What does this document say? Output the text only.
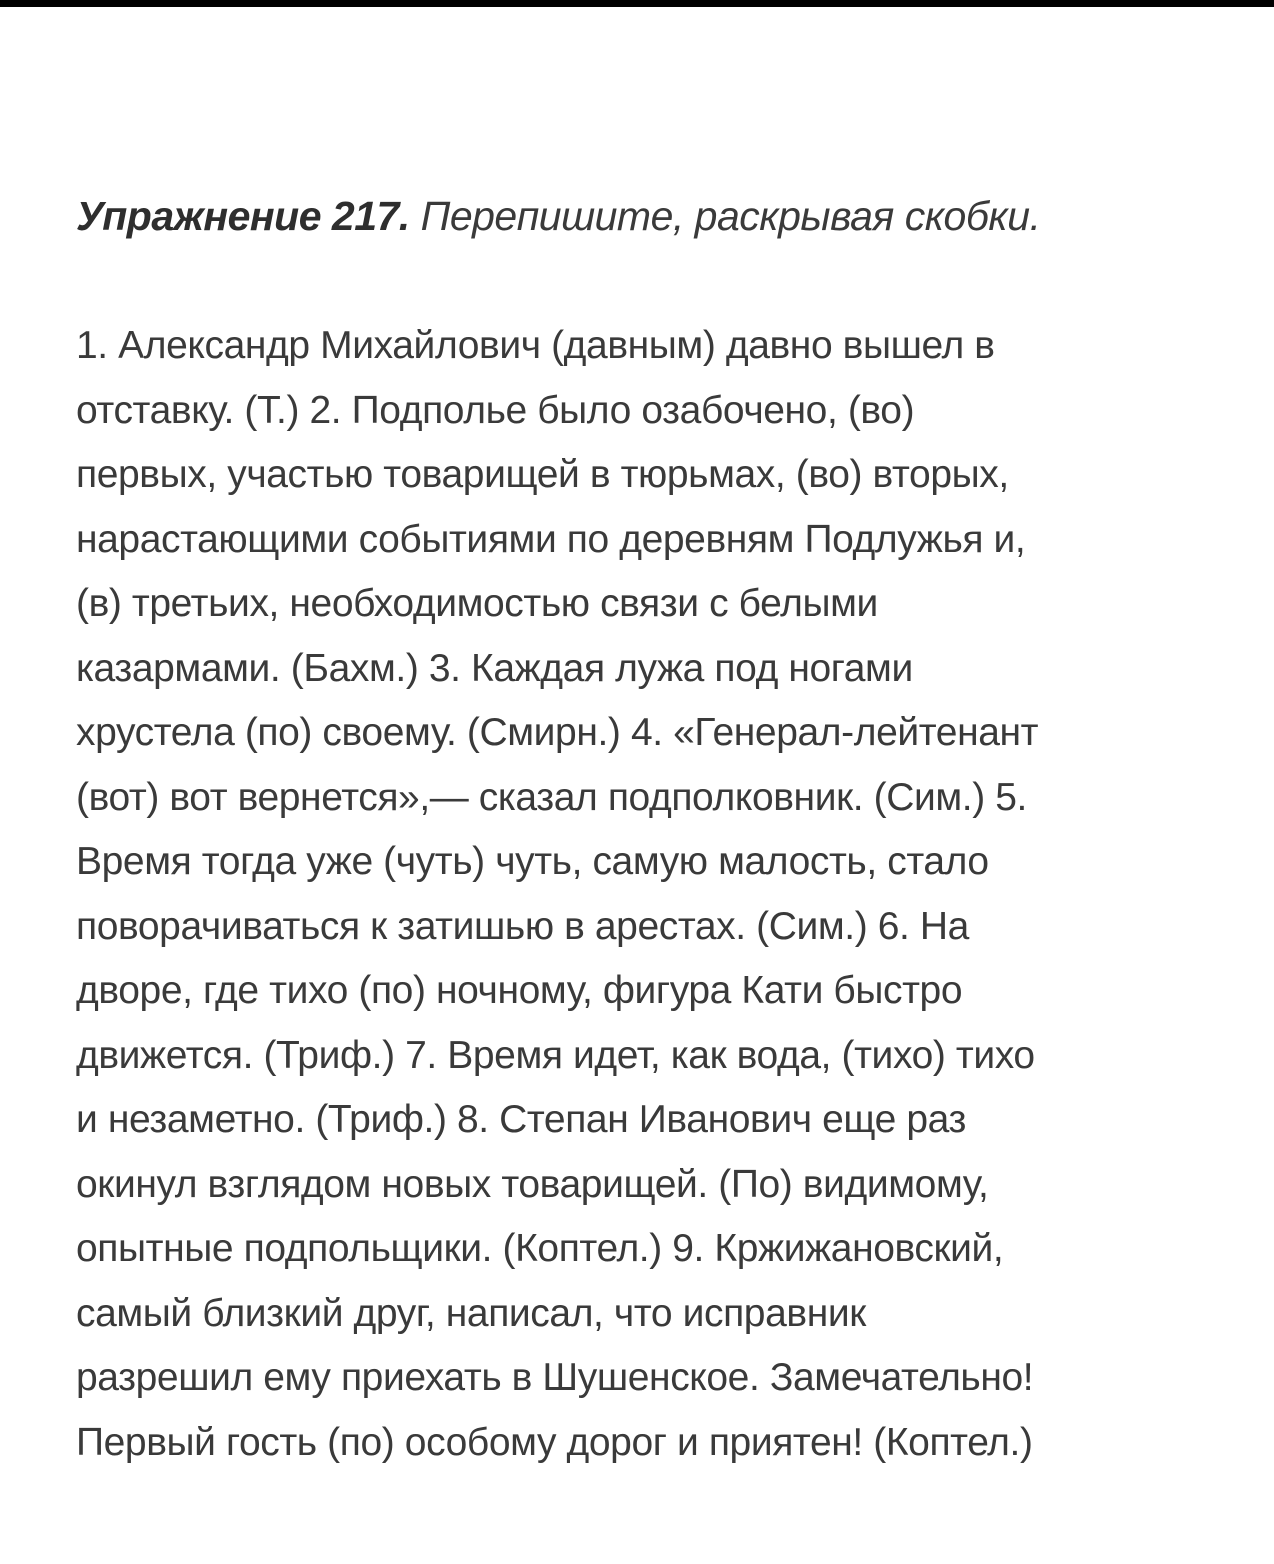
Упражнение 217. Перепишите, раскрывая скобки.
1. Александр Михайлович (давным) давно вышел в
отставку. (Т.) 2. Подполье было озабочено, (во)
первых, участью товарищей в тюрьмах, (во) вторых,
нарастающими событиями по деревням Подлужья и,
(в) третьих, необходимостью связи с белыми
казармами. (Бахм.) 3. Каждая лужа под ногами
хрустела (по) своему. (Смирн.) 4. «Генерал-лейтенант
(вот) вот вернется»,— сказал подполковник. (Сим.) 5.
Время тогда уже (чуть) чуть, самую малость, стало
поворачиваться к затишью в арестах. (Сим.) 6. На
дворе, где тихо (по) ночному, фигура Кати быстро
движется. (Триф.) 7. Время идет, как вода, (тихо) тихо
и незаметно. (Триф.) 8. Степан Иванович еще раз
окинул взглядом новых товарищей. (По) видимому,
опытные подпольщики. (Коптел.) 9. Кржижановский,
самый близкий друг, написал, что исправник
разрешил ему приехать в Шушенское. Замечательно!
Первый гость (по) особому дорог и приятен! (Коптел.)
